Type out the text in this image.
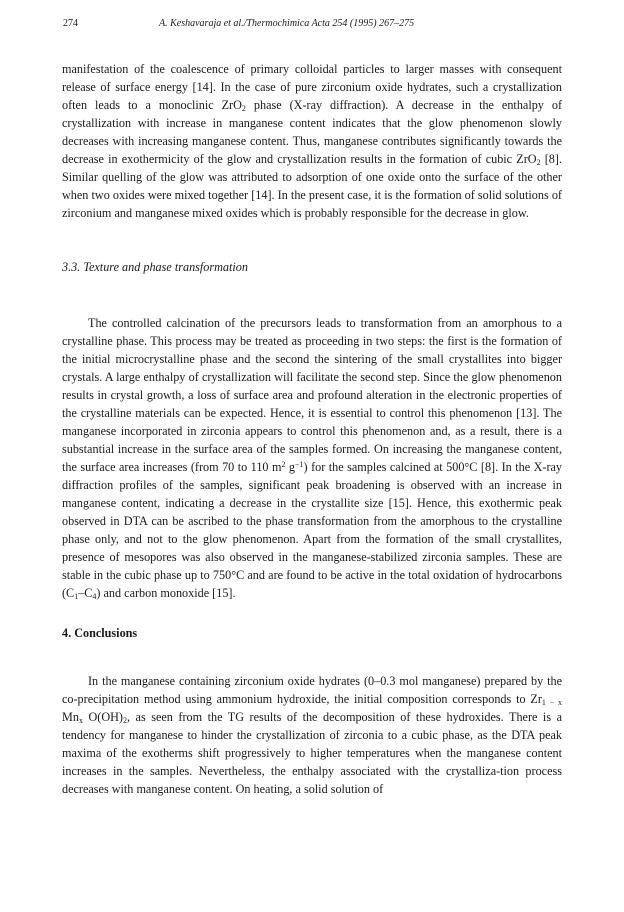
274	A. Keshavaraja et al./Thermochimica Acta 254 (1995) 267–275
manifestation of the coalescence of primary colloidal particles to larger masses with consequent release of surface energy [14]. In the case of pure zirconium oxide hydrates, such a crystallization often leads to a monoclinic ZrO$_2$ phase (X-ray diffraction). A decrease in the enthalpy of crystallization with increase in manganese content indicates that the glow phenomenon slowly decreases with increasing manganese content. Thus, manganese contributes significantly towards the decrease in exothermicity of the glow and crystallization results in the formation of cubic ZrO$_2$ [8]. Similar quelling of the glow was attributed to adsorption of one oxide onto the surface of the other when two oxides were mixed together [14]. In the present case, it is the formation of solid solutions of zirconium and manganese mixed oxides which is probably responsible for the decrease in glow.
3.3. Texture and phase transformation
The controlled calcination of the precursors leads to transformation from an amorphous to a crystalline phase. This process may be treated as proceeding in two steps: the first is the formation of the initial microcrystalline phase and the second the sintering of the small crystallites into bigger crystals. A large enthalpy of crystallization will facilitate the second step. Since the glow phenomenon results in crystal growth, a loss of surface area and profound alteration in the electronic properties of the crystalline materials can be expected. Hence, it is essential to control this phenomenon [13]. The manganese incorporated in zirconia appears to control this phenomenon and, as a result, there is a substantial increase in the surface area of the samples formed. On increasing the manganese content, the surface area increases (from 70 to 110 $m^2$ $g^{-1}$) for the samples calcined at 500°C [8]. In the X-ray diffraction profiles of the samples, significant peak broadening is observed with an increase in manganese content, indicating a decrease in the crystallite size [15]. Hence, this exothermic peak observed in DTA can be ascribed to the phase transformation from the amorphous to the crystalline phase only, and not to the glow phenomenon. Apart from the formation of the small crystallites, presence of mesopores was also observed in the manganese-stabilized zirconia samples. These are stable in the cubic phase up to 750°C and are found to be active in the total oxidation of hydrocarbons $(C_1-C_4)$ and carbon monoxide [15].
4. Conclusions
In the manganese containing zirconium oxide hydrates (0–0.3 mol manganese) prepared by the co-precipitation method using ammonium hydroxide, the initial composition corresponds to $Zr_{1 - x}$ $Mn_x$ $O(OH)_2$, as seen from the TG results of the decomposition of these hydroxides. There is a tendency for manganese to hinder the crystallization of zirconia to a cubic phase, as the DTA peak maxima of the exotherms shift progressively to higher temperatures when the manganese content increases in the samples. Nevertheless, the enthalpy associated with the crystalliza-tion process decreases with manganese content. On heating, a solid solution of
